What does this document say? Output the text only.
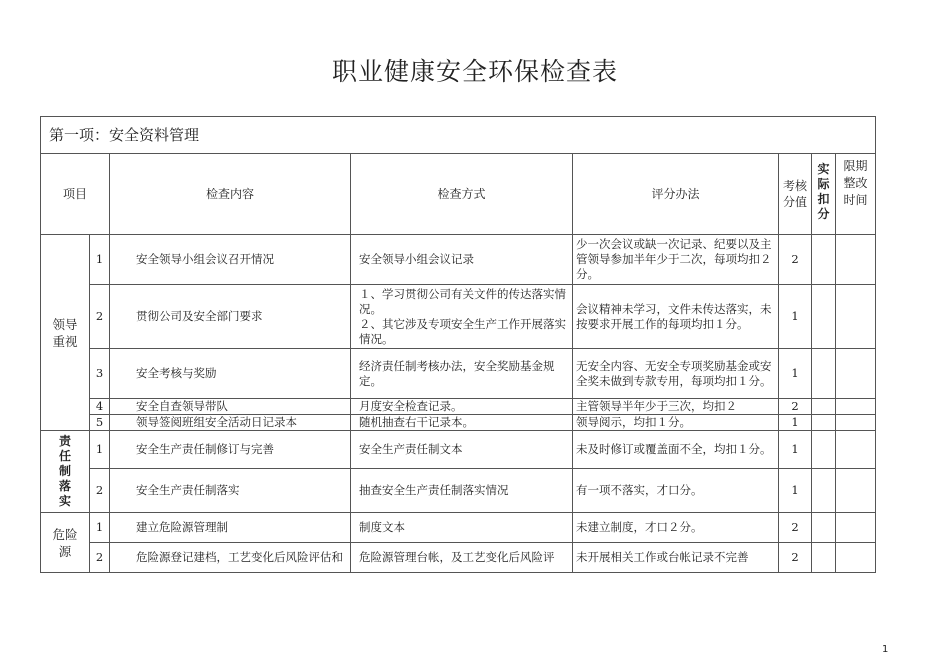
职业健康安全环保检查表
第一项：安全资料管理							
项目		检查内容	检查方式	评分办法	考核分值	实际扣分	限期整改时间

领导重视	1	安全领导小组会议召开情况	安全领导小组会议记录	少一次会议或缺一次记录、纪要以及主管领导参加半年少于二次，每项均扣２分。	2		
	2	贯彻公司及安全部门要求	１、学习贯彻公司有关文件的传达落实情况。
２、其它涉及专项安全生产工作开展落实情况。	会议精神未学习，文件未传达落实，未按要求开展工作的每项均扣１分。	1		
	3	安全考核与奖励	经济责任制考核办法，安全奖励基金规定。	无安全内容、无安全专项奖励基金或安全奖未做到专款专用，每项均扣１分。	1		
	4	安全自查领导带队	月度安全检查记录。	主管领导半年少于三次，均扣２	2		
	5	领导签阅班组安全活动日记录本	随机抽查右干记录本。	领导阅示，均扣１分。	1		

责任制落实	1	安全生产责任制修订与完善	安全生产责任制文本	未及时修订或覆盖面不全，均扣１分。	1		
	2	安全生产责任制落实	抽查安全生产责任制落实情况	有一项不落实，才口分。	1		

危险源	1	建立危险源管理制	制度文本	未建立制度，才口２分。	2		
	2	危险源登记建档，工艺变化后风险评估和	危险源管理台帐，及工艺变化后风险评	未开展相关工作或台帐记录不完善	2		
1
